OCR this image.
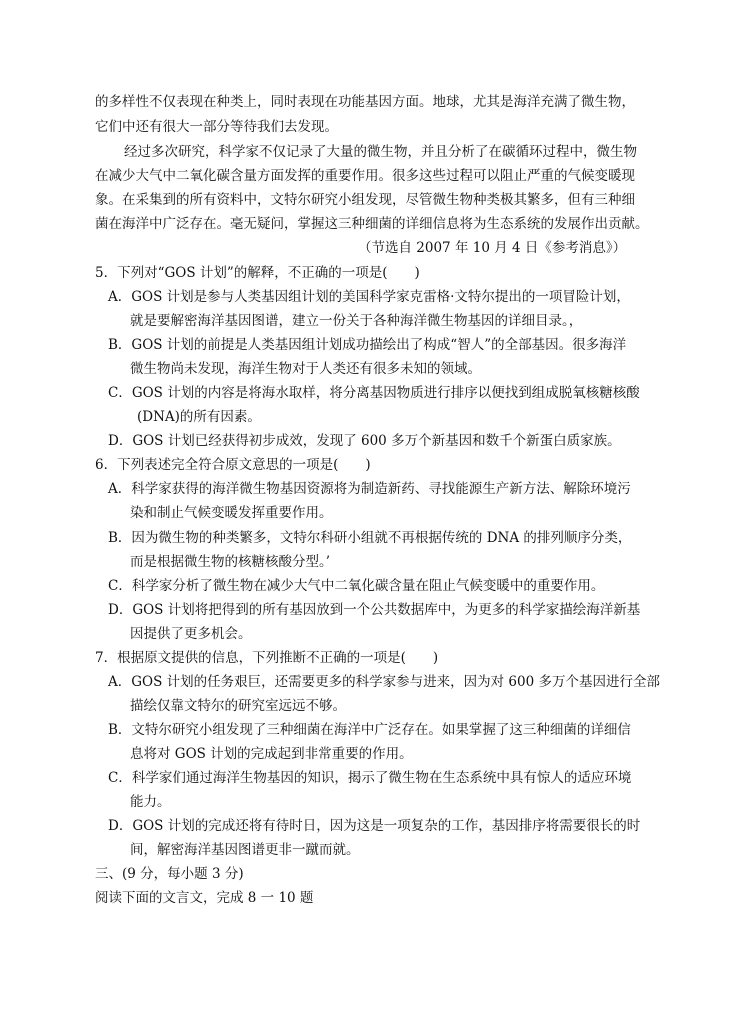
的多样性不仅表现在种类上，同时表现在功能基因方面。地球，尤其是海洋充满了微生物，
它们中还有很大一部分等待我们去发现。
经过多次研究，科学家不仅记录了大量的微生物，并且分析了在碳循环过程中，微生物
在减少大气中二氧化碳含量方面发挥的重要作用。很多这些过程可以阻止严重的气候变暖现
象。在采集到的所有资料中，文特尔研究小组发现，尽管微生物种类极其繁多，但有三种细
菌在海洋中广泛存在。毫无疑问，掌握这三种细菌的详细信息将为生态系统的发展作出贡献。
（节选自 2007 年 10 月 4 日《参考消息》）
5．下列对“GOS 计划”的解释，不正确的一项是(　　)
A．GOS 计划是参与人类基因组计划的美国科学家克雷格·文特尔提出的一项冒险计划，
就是要解密海洋基因图谱，建立一份关于各种海洋微生物基因的详细目录。，
B．GOS 计划的前提是人类基因组计划成功描绘出了构成“智人”的全部基因。很多海洋
微生物尚未发现，海洋生物对于人类还有很多未知的领域。
C．GOS 计划的内容是将海水取样，将分离基因物质进行排序以便找到组成脱氧核糖核酸
(DNA)的所有因素。
D．GOS 计划已经获得初步成效，发现了 600 多万个新基因和数千个新蛋白质家族。
6．下列表述完全符合原文意思的一项是(　　)
A．科学家获得的海洋微生物基因资源将为制造新药、寻找能源生产新方法、解除环境污
染和制止气候变暖发挥重要作用。
B．因为微生物的种类繁多，文特尔科研小组就不再根据传统的 DNA 的排列顺序分类，
而是根据微生物的核糖核酸分型。’
C．科学家分析了微生物在减少大气中二氧化碳含量在阻止气候变暖中的重要作用。
D．GOS 计划将把得到的所有基因放到一个公共数据库中，为更多的科学家描绘海洋新基
因提供了更多机会。
7．根据原文提供的信息，下列推断不正确的一项是(　　)
A．GOS 计划的任务艰巨，还需要更多的科学家参与进来，因为对 600 多万个基因进行全部
描绘仅靠文特尔的研究室远远不够。
B．文特尔研究小组发现了三种细菌在海洋中广泛存在。如果掌握了这三种细菌的详细信
息将对 GOS 计划的完成起到非常重要的作用。
C．科学家们通过海洋生物基因的知识，揭示了微生物在生态系统中具有惊人的适应环境
能力。
D．GOS 计划的完成还将有待时日，因为这是一项复杂的工作，基因排序将需要很长的时
间，解密海洋基因图谱更非一蹴而就。
三、(9 分，每小题 3 分)
阅读下面的文言文，完成 8 一 10 题
